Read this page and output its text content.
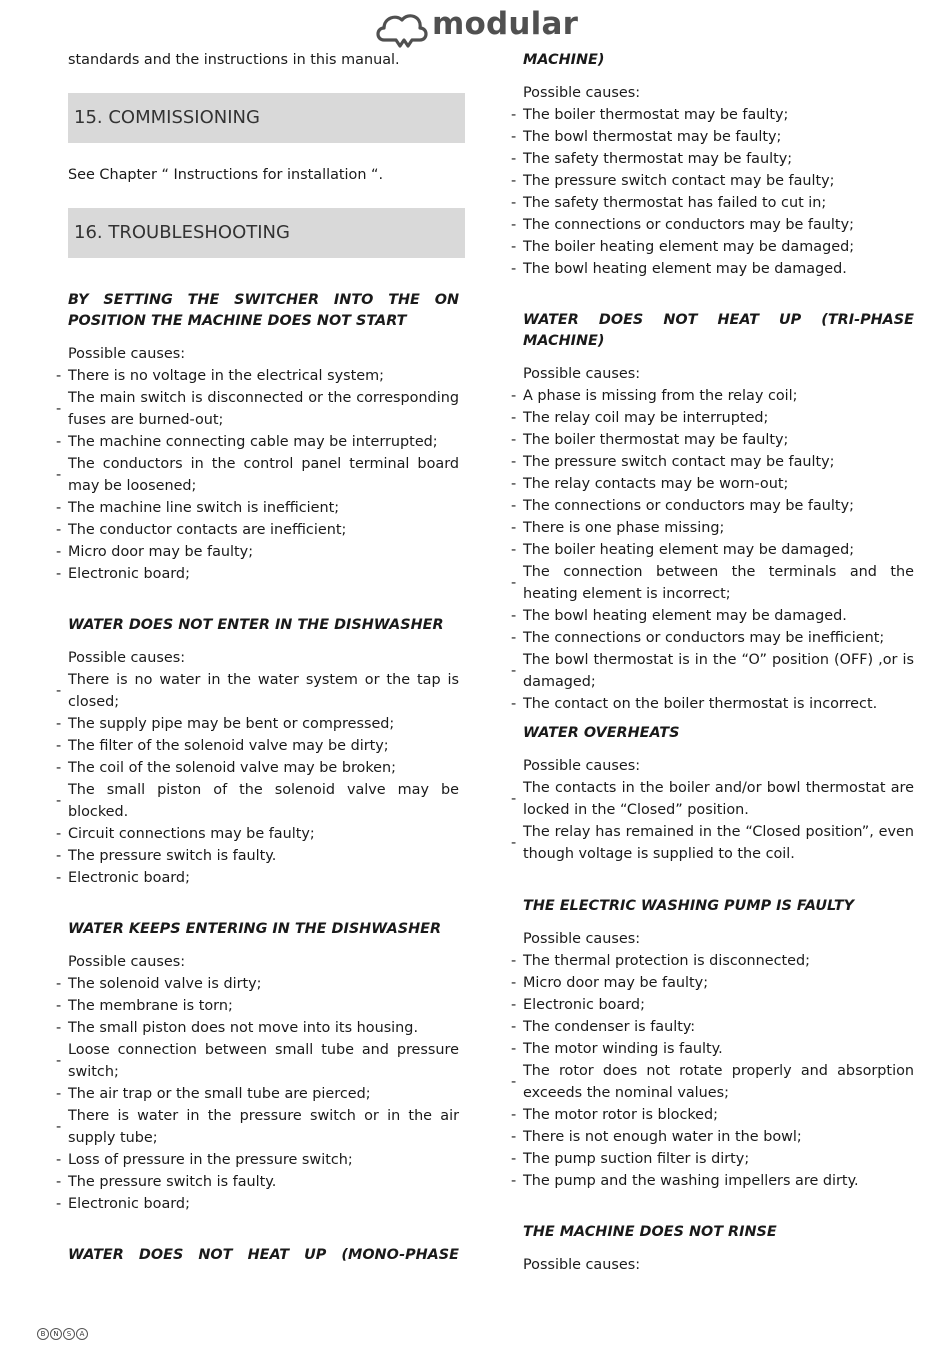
modular

standards and the instructions in this manual.

15. COMMISSIONING

See Chapter “ Instructions for installation “.

16. TROUBLESHOOTING

BY SETTING THE SWITCHER INTO THE ON POSITION THE MACHINE DOES NOT START

Possible causes:

- There is no voltage in the electrical system;
-
The main switch is disconnected or the corresponding fuses are burned-out;
- The machine connecting cable may be interrupted;
-
The conductors in the control panel terminal board may be loosened;
- The machine line switch is inefficient;
- The conductor contacts are inefficient;
- Micro door may be faulty;
- Electronic board;

WATER DOES NOT ENTER IN THE DISHWASHER

Possible causes:

-
There is no water in the water system or the tap is closed;
- The supply pipe may be bent or compressed;
- The filter of the solenoid valve may be dirty;
- The coil of the solenoid valve may be broken;
-
The small piston of the solenoid valve may be blocked.
- Circuit connections may be faulty;
- The pressure switch is faulty.
- Electronic board;

WATER KEEPS ENTERING IN THE DISHWASHER

Possible causes:

- The solenoid valve is dirty;
- The membrane is torn;
- The small piston does not move into its housing.
-
Loose connection between small tube and pressure switch;
- The air trap or the small tube are pierced;
-
There is water in the pressure switch or in the air supply tube;
- Loss of pressure in the pressure switch;
- The pressure switch is faulty.
- Electronic board;

WATER DOES NOT HEAT UP (MONO-PHASE

MACHINE)

Possible causes:

- The boiler thermostat may be faulty;
- The bowl thermostat may be faulty;
- The safety thermostat may be faulty;
- The pressure switch contact may be faulty;
- The safety thermostat has failed to cut in;
- The connections or conductors may be faulty;
- The boiler heating element may be damaged;
- The bowl heating element may be damaged.

WATER DOES NOT HEAT UP (TRI-PHASE MACHINE)

Possible causes:

- A phase is missing from the relay coil;
- The relay coil may be interrupted;
- The boiler thermostat may be faulty;
- The pressure switch contact may be faulty;
- The relay contacts may be worn-out;
- The connections or conductors may be faulty;
- There is one phase missing;
- The boiler heating element may be damaged;
-
The connection between the terminals and the heating element is incorrect;
- The bowl heating element may be damaged.
- The connections or conductors may be inefficient;
-
The bowl thermostat is in the “O” position (OFF) ,or is damaged;
- The contact on the boiler thermostat is incorrect.

WATER OVERHEATS

Possible causes:

-
The contacts in the boiler and/or bowl thermostat are locked in the “Closed” position.
-
The relay has remained in the “Closed position”, even though voltage is supplied to the coil.

THE ELECTRIC WASHING PUMP IS FAULTY

Possible causes:

- The thermal protection is disconnected;
- Micro door may be faulty;
- Electronic board;
- The condenser is faulty:
- The motor winding is faulty.
-
The rotor does not rotate properly and absorption exceeds the nominal values;
- The motor rotor is blocked;
- There is not enough water in the bowl;
- The pump suction filter is dirty;
- The pump and the washing impellers are dirty.

THE MACHINE DOES NOT RINSE

Possible causes:

B	N	S	A
